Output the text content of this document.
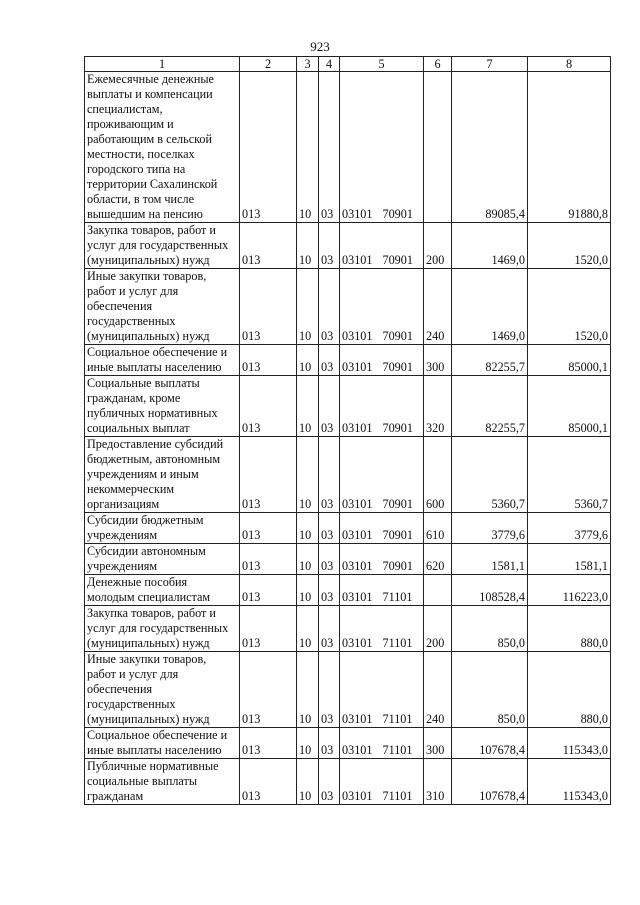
923
1	2	3	4	5	6	7	8
Ежемесячные денежные выплаты и компенсации специалистам, проживающим и работающим в сельской местности, поселках городского типа на территории Сахалинской области, в том числе вышедшим на пенсию	013	10	03	03101 70901		89085,4	91880,8
Закупка товаров, работ и услуг для государственных (муниципальных) нужд	013	10	03	03101 70901	200	1469,0	1520,0
Иные закупки товаров, работ и услуг для обеспечения государственных (муниципальных) нужд	013	10	03	03101 70901	240	1469,0	1520,0
Социальное обеспечение и иные выплаты населению	013	10	03	03101 70901	300	82255,7	85000,1
Социальные выплаты гражданам, кроме публичных нормативных социальных выплат	013	10	03	03101 70901	320	82255,7	85000,1
Предоставление субсидий бюджетным, автономным учреждениям и иным некоммерческим организациям	013	10	03	03101 70901	600	5360,7	5360,7
Субсидии бюджетным учреждениям	013	10	03	03101 70901	610	3779,6	3779,6
Субсидии автономным учреждениям	013	10	03	03101 70901	620	1581,1	1581,1
Денежные пособия молодым специалистам	013	10	03	03101 71101		108528,4	116223,0
Закупка товаров, работ и услуг для государственных (муниципальных) нужд	013	10	03	03101 71101	200	850,0	880,0
Иные закупки товаров, работ и услуг для обеспечения государственных (муниципальных) нужд	013	10	03	03101 71101	240	850,0	880,0
Социальное обеспечение и иные выплаты населению	013	10	03	03101 71101	300	107678,4	115343,0
Публичные нормативные социальные выплаты гражданам	013	10	03	03101 71101	310	107678,4	115343,0
